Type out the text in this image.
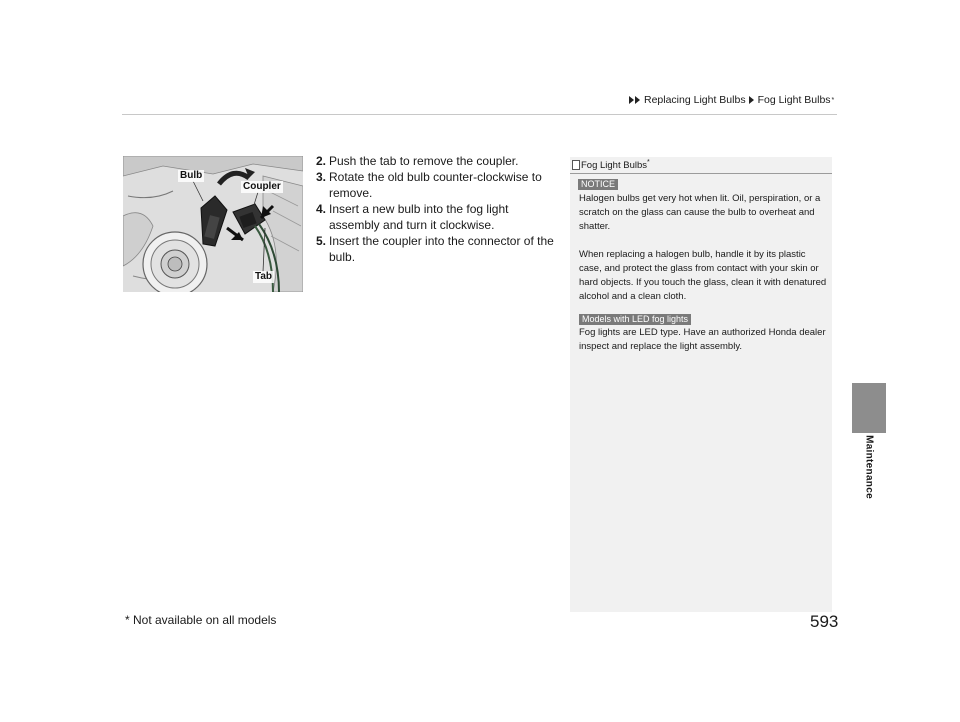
Replacing Light Bulbs Fog Light Bulbs *
Maintenance
Bulb
Coupler
Tab
2. Push the tab to remove the coupler.
3. Rotate the old bulb counter-clockwise to remove.
4. Insert a new bulb into the fog light assembly and turn it clockwise.
5. Insert the coupler into the connector of the bulb.
Fog Light Bulbs*
NOTICE
Halogen bulbs get very hot when lit. Oil, perspiration, or a scratch on the glass can cause the bulb to overheat and shatter.
When replacing a halogen bulb, handle it by its plastic case, and protect the glass from contact with your skin or hard objects. If you touch the glass, clean it with denatured alcohol and a clean cloth.
Models with LED fog lights
Fog lights are LED type. Have an authorized Honda dealer inspect and replace the light assembly.
* Not available on all models	593
